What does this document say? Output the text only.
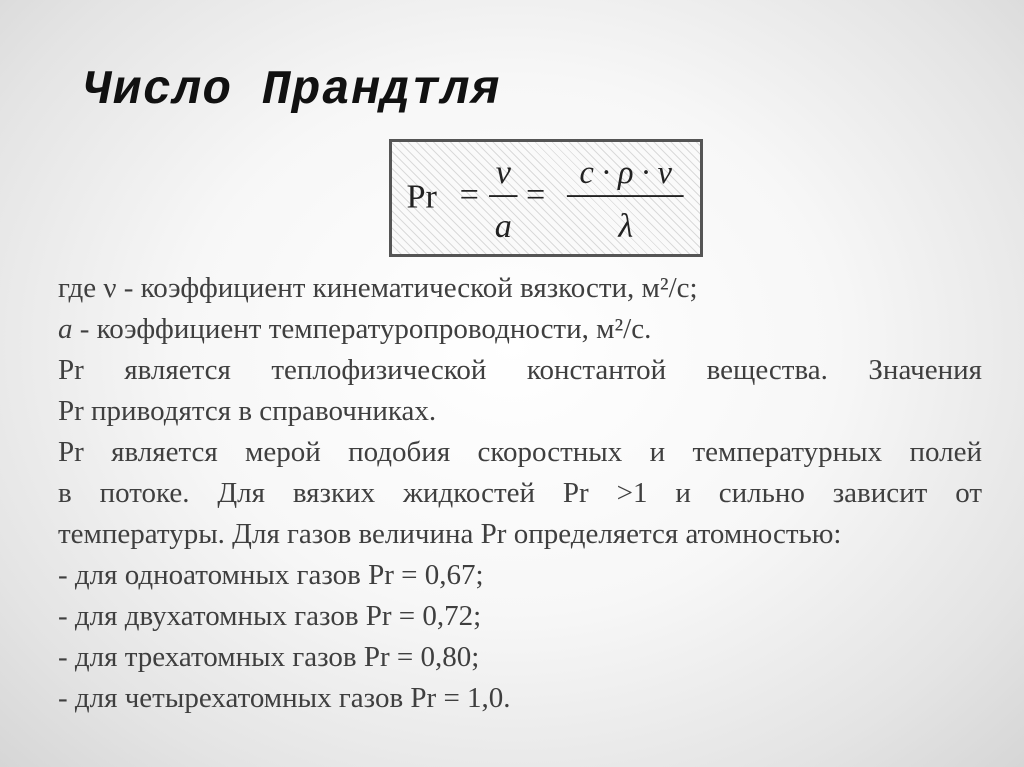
Число Прандтля
Pr =
ν
a
=
c · ρ · ν
λ
где ν - коэффициент кинематической вязкости, м²/с;
a - коэффициент температуропроводности, м²/с.
Pr является теплофизической константой вещества. Значения
Pr приводятся в справочниках.
Pr является мерой подобия скоростных и температурных полей
в потоке. Для вязких жидкостей Pr >1 и сильно зависит от
температуры. Для газов величина Pr определяется атомностью:
- для одноатомных газов Pr = 0,67;
- для двухатомных газов Pr = 0,72;
- для трехатомных газов Pr = 0,80;
- для четырехатомных газов Pr = 1,0.
